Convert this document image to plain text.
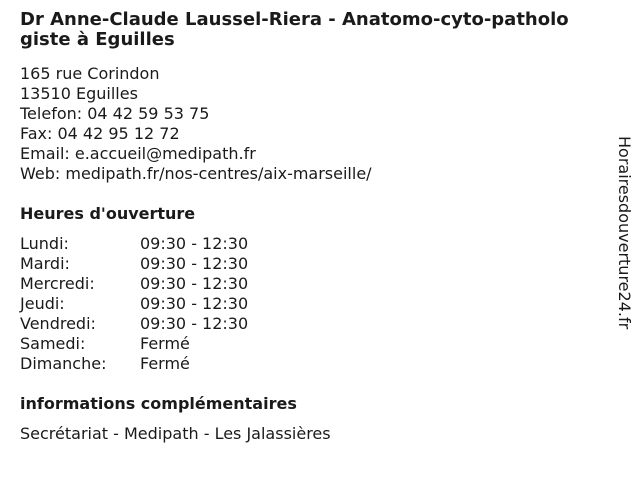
Dr Anne-Claude Laussel-Riera - Anatomo-cyto-pathologiste à Eguilles
165 rue Corindon
13510 Eguilles
Telefon: 04 42 59 53 75
Fax: 04 42 95 12 72
Email: e.accueil@medipath.fr
Web: medipath.fr/nos-centres/aix-marseille/
Heures d'ouverture
Lundi:	09:30 - 12:30
Mardi:	09:30 - 12:30
Mercredi:	09:30 - 12:30
Jeudi:	09:30 - 12:30
Vendredi:	09:30 - 12:30
Samedi:	Fermé
Dimanche:	Fermé
informations complémentaires
Secrétariat - Medipath - Les Jalassières
Horairesdouverture24.fr
